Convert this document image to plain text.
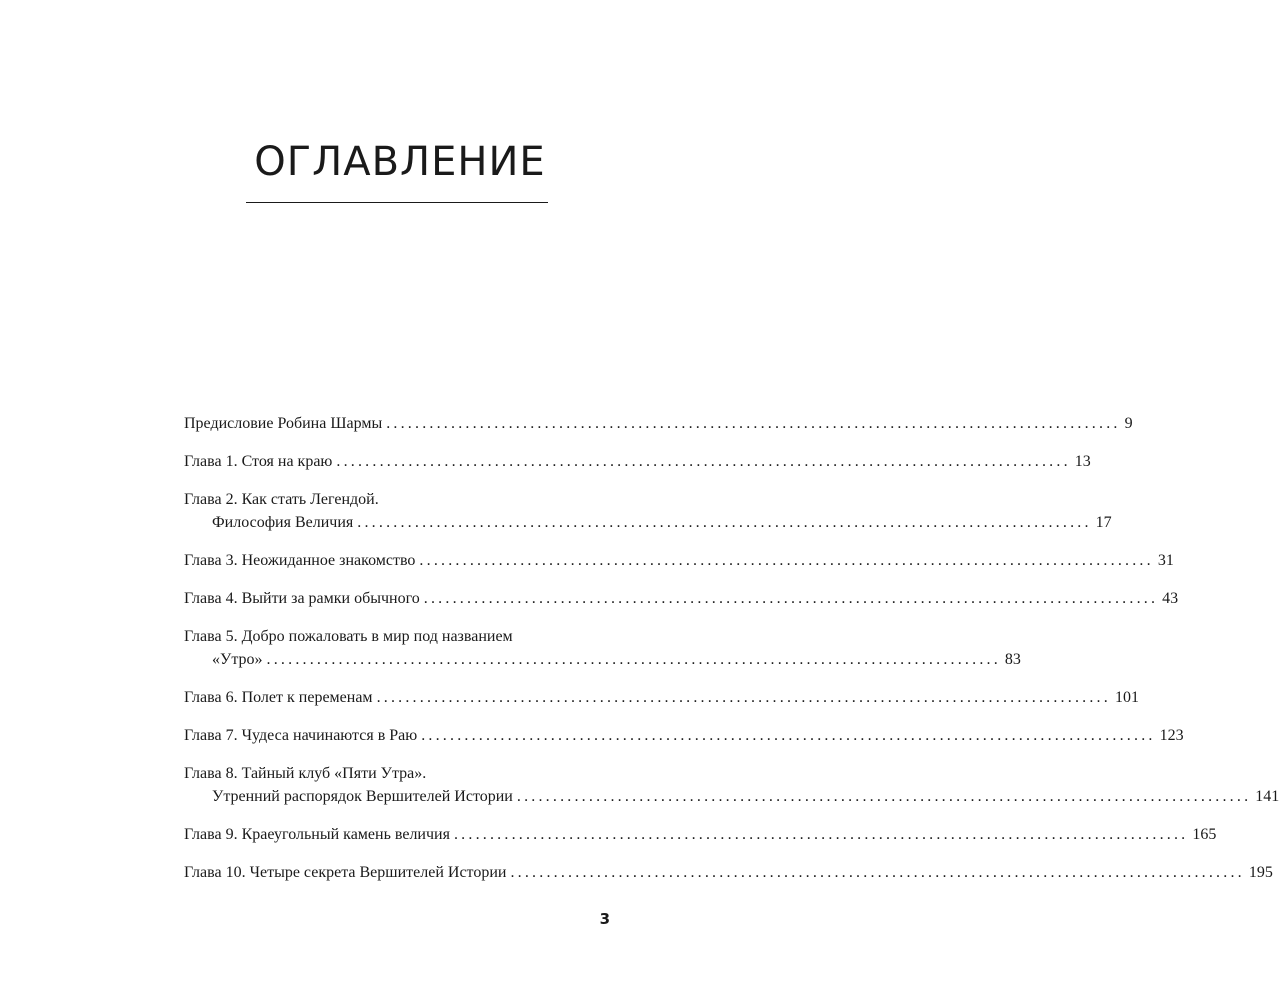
ОГЛАВЛЕНИЕ
Предисловие Робина Шармы ...................................................................................................... 9
Глава 1. Стоя на краю ...................................................................................................... 13
Глава 2. Как стать Легендой.
Философия Величия ...................................................................................................... 17
Глава 3. Неожиданное знакомство ...................................................................................................... 31
Глава 4. Выйти за рамки обычного ...................................................................................................... 43
Глава 5. Добро пожаловать в мир под названием
«Утро» ...................................................................................................... 83
Глава 6. Полет к переменам ...................................................................................................... 101
Глава 7. Чудеса начинаются в Раю ...................................................................................................... 123
Глава 8. Тайный клуб «Пяти Утра».
Утренний распорядок Вершителей Истории ...................................................................................................... 141
Глава 9. Краеугольный камень величия ...................................................................................................... 165
Глава 10. Четыре секрета Вершителей Истории ...................................................................................................... 195
3
